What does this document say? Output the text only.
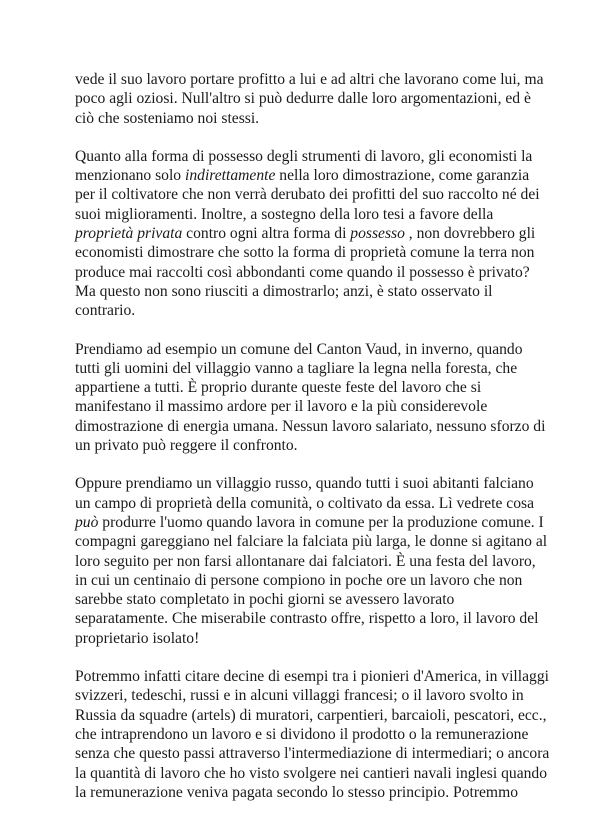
vede il suo lavoro portare profitto a lui e ad altri che lavorano come lui, ma
poco agli oziosi. Null'altro si può dedurre dalle loro argomentazioni, ed è
ciò che sosteniamo noi stessi.

Quanto alla forma di possesso degli strumenti di lavoro, gli economisti la
menzionano solo indirettamente nella loro dimostrazione, come garanzia
per il coltivatore che non verrà derubato dei profitti del suo raccolto né dei
suoi miglioramenti. Inoltre, a sostegno della loro tesi a favore della
proprietà privata contro ogni altra forma di possesso , non dovrebbero gli
economisti dimostrare che sotto la forma di proprietà comune la terra non
produce mai raccolti così abbondanti come quando il possesso è privato?
Ma questo non sono riusciti a dimostrarlo; anzi, è stato osservato il
contrario.

Prendiamo ad esempio un comune del Canton Vaud, in inverno, quando
tutti gli uomini del villaggio vanno a tagliare la legna nella foresta, che
appartiene a tutti. È proprio durante queste feste del lavoro che si
manifestano il massimo ardore per il lavoro e la più considerevole
dimostrazione di energia umana. Nessun lavoro salariato, nessuno sforzo di
un privato può reggere il confronto.

Oppure prendiamo un villaggio russo, quando tutti i suoi abitanti falciano
un campo di proprietà della comunità, o coltivato da essa. Lì vedrete cosa
può produrre l'uomo quando lavora in comune per la produzione comune. I
compagni gareggiano nel falciare la falciata più larga, le donne si agitano al
loro seguito per non farsi allontanare dai falciatori. È una festa del lavoro,
in cui un centinaio di persone compiono in poche ore un lavoro che non
sarebbe stato completato in pochi giorni se avessero lavorato
separatamente. Che miserabile contrasto offre, rispetto a loro, il lavoro del
proprietario isolato!

Potremmo infatti citare decine di esempi tra i pionieri d'America, in villaggi
svizzeri, tedeschi, russi e in alcuni villaggi francesi; o il lavoro svolto in
Russia da squadre (artels) di muratori, carpentieri, barcaioli, pescatori, ecc.,
che intraprendono un lavoro e si dividono il prodotto o la remunerazione
senza che questo passi attraverso l'intermediazione di intermediari; o ancora
la quantità di lavoro che ho visto svolgere nei cantieri navali inglesi quando
la remunerazione veniva pagata secondo lo stesso principio. Potremmo
